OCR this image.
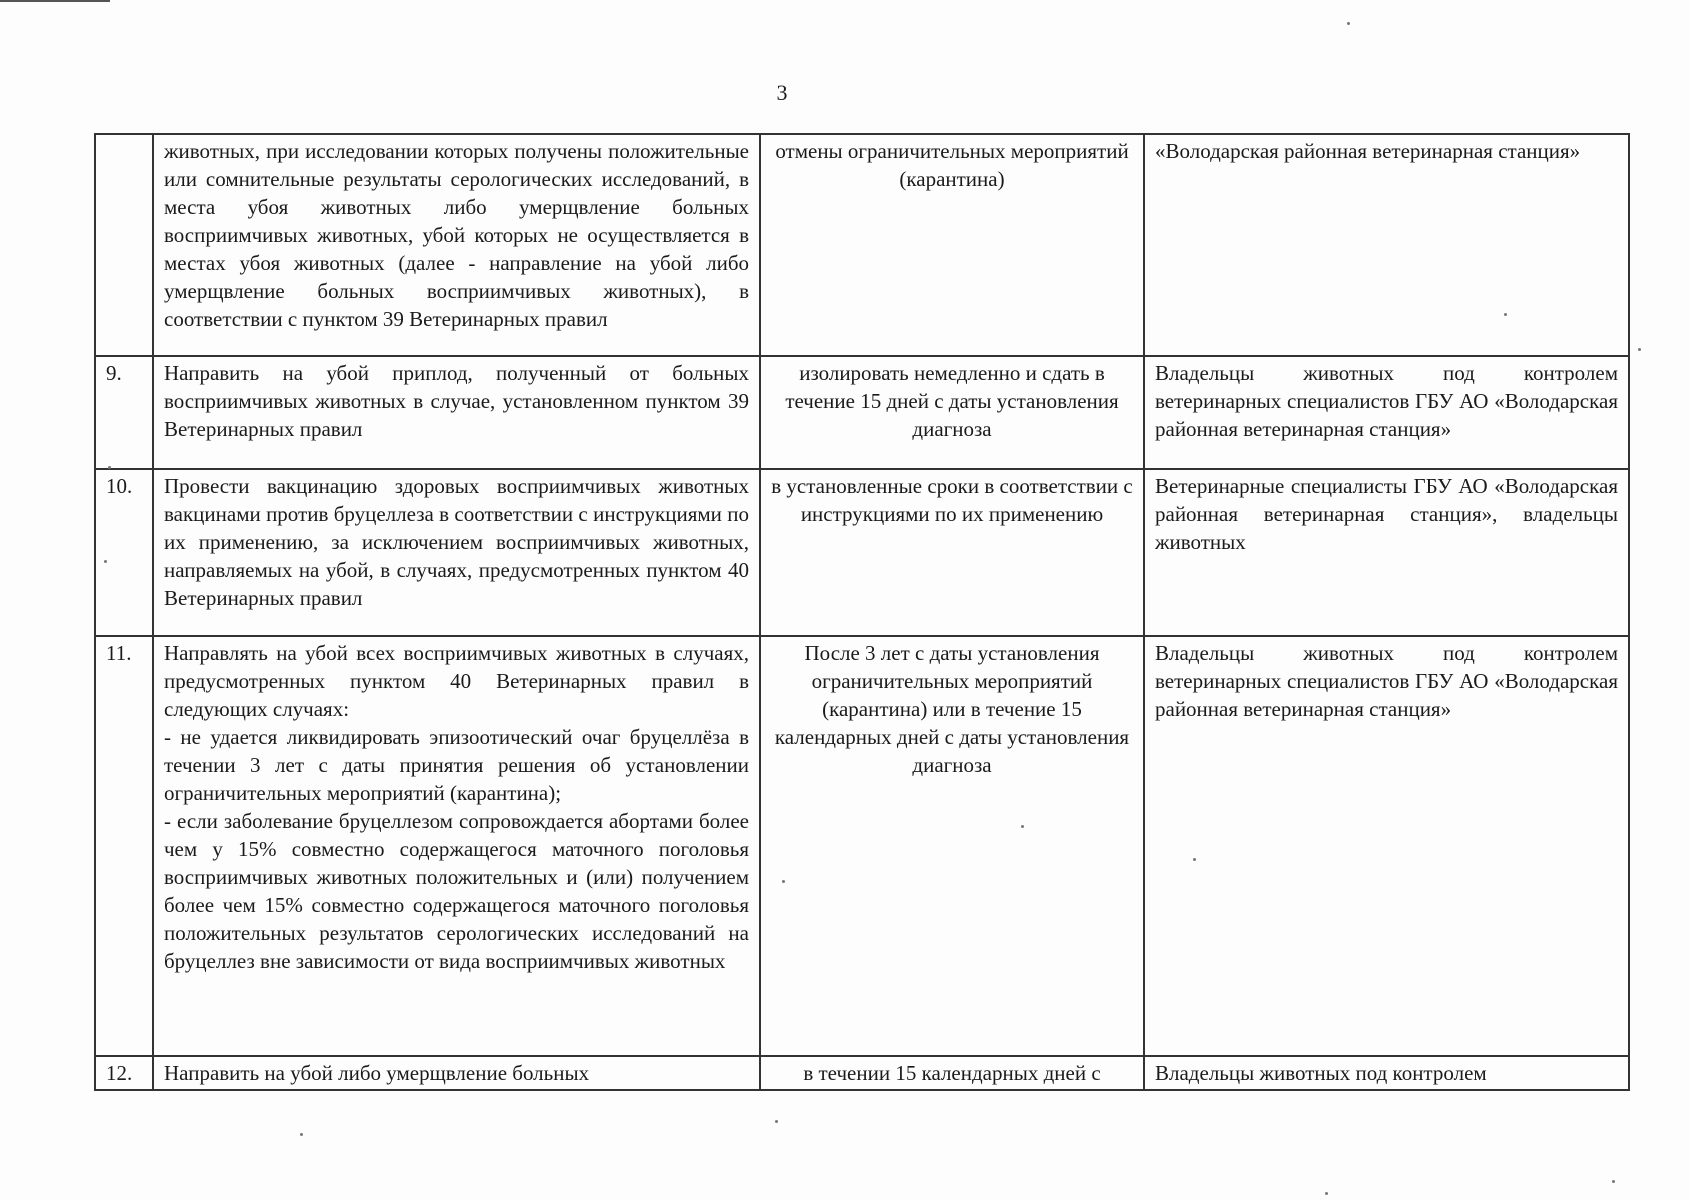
3
	животных, при исследовании которых получены положительные или сомнительные результаты серологических исследований, в места убоя животных либо умерщвление больных восприимчивых животных, убой которых не осуществляется в местах убоя животных (далее - направление на убой либо умерщвление больных восприимчивых животных), в соответствии с пунктом 39 Ветеринарных правил	отмены ограничительных мероприятий (карантина)	«Володарская районная ветеринарная станция»
9.	Направить на убой приплод, полученный от больных восприимчивых животных в случае, установленном пунктом 39 Ветеринарных правил	изолировать немедленно и сдать в течение 15 дней с даты установления диагноза	Владельцы животных под контролем ветеринарных специалистов ГБУ АО «Володарская районная ветеринарная станция»
10.	Провести вакцинацию здоровых восприимчивых животных вакцинами против бруцеллеза в соответствии с инструкциями по их применению, за исключением восприимчивых животных, направляемых на убой, в случаях, предусмотренных пунктом 40 Ветеринарных правил	в установленные сроки в соответствии с инструкциями по их применению	Ветеринарные специалисты ГБУ АО «Володарская районная ветеринарная станция», владельцы животных
11.	Направлять на убой всех восприимчивых животных в случаях, предусмотренных пунктом 40 Ветеринарных правил в следующих случаях:
- не удается ликвидировать эпизоотический очаг бруцеллёза в течении 3 лет с даты принятия решения об установлении ограничительных мероприятий (карантина);
- если заболевание бруцеллезом сопровождается абортами более чем у 15% совместно содержащегося маточного поголовья восприимчивых животных положительных и (или) получением более чем 15% совместно содержащегося маточного поголовья положительных результатов серологических исследований на бруцеллез вне зависимости от вида восприимчивых животных	После 3 лет с даты установления ограничительных мероприятий (карантина) или в течение 15 календарных дней с даты установления диагноза	Владельцы животных под контролем ветеринарных специалистов ГБУ АО «Володарская районная ветеринарная станция»
12.	Направить на убой либо умерщвление больных	в течении 15 календарных дней с	Владельцы животных под контролем
